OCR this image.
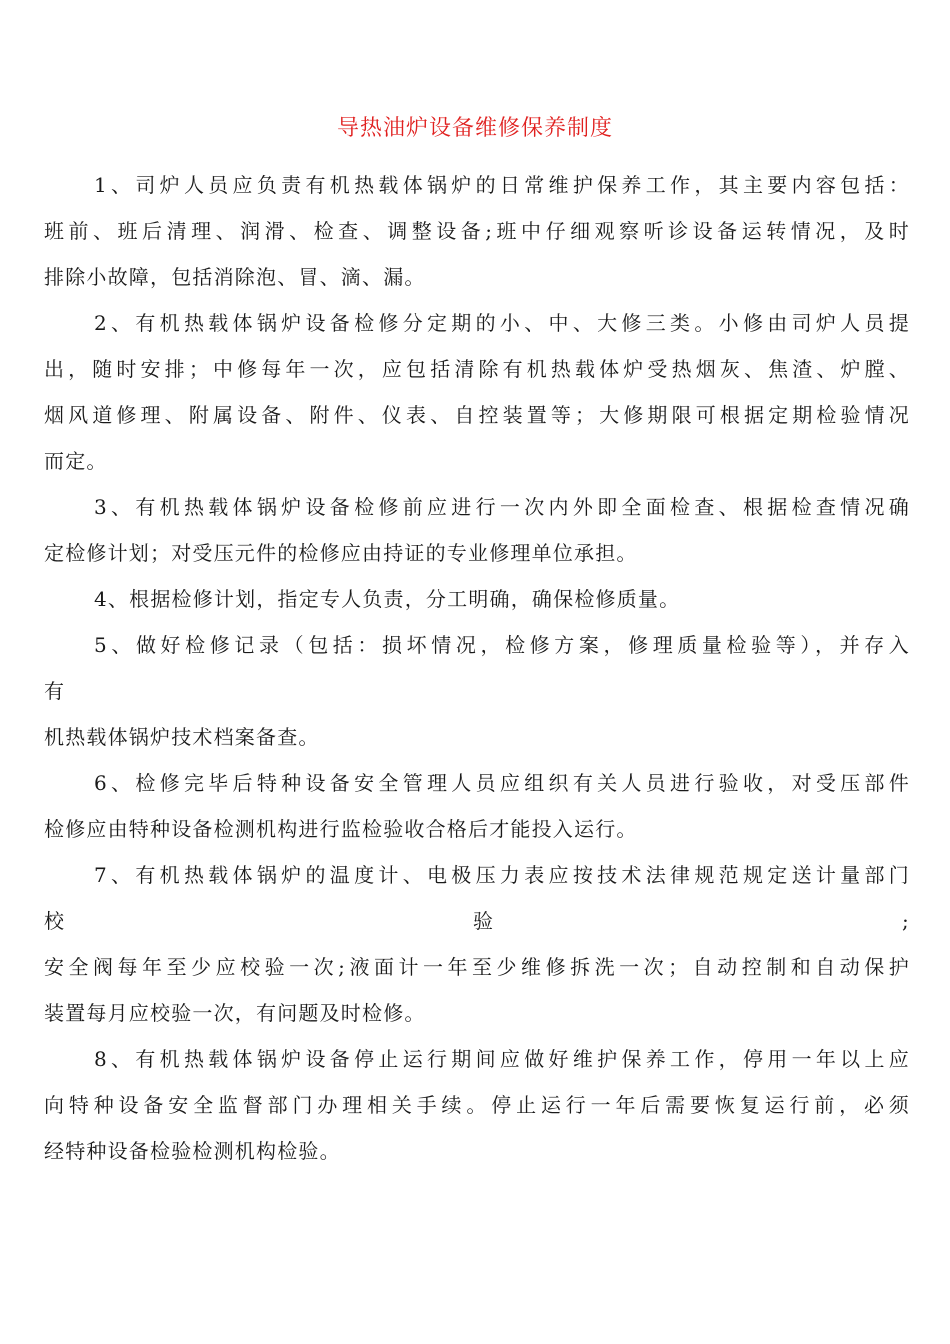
导热油炉设备维修保养制度
1、司炉人员应负责有机热载体锅炉的日常维护保养工作，其主要内容包括：
班前、班后清理、润滑、检查、调整设备;班中仔细观察听诊设备运转情况，及时
排除小故障，包括消除泡、冒、滴、漏。
2、有机热载体锅炉设备检修分定期的小、中、大修三类。小修由司炉人员提
出，随时安排；中修每年一次，应包括清除有机热载体炉受热烟灰、焦渣、炉膛、
烟风道修理、附属设备、附件、仪表、自控装置等；大修期限可根据定期检验情况
而定。
3、有机热载体锅炉设备检修前应进行一次内外即全面检查、根据检查情况确
定检修计划；对受压元件的检修应由持证的专业修理单位承担。
4、根据检修计划，指定专人负责，分工明确，确保检修质量。
5、做好检修记录（包括：损坏情况，检修方案，修理质量检验等），并存入
有
机热载体锅炉技术档案备查。
6、检修完毕后特种设备安全管理人员应组织有关人员进行验收，对受压部件
检修应由特种设备检测机构进行监检验收合格后才能投入运行。
7、有机热载体锅炉的温度计、电极压力表应按技术法律规范规定送计量部门
校	验	;
安全阀每年至少应校验一次;液面计一年至少维修拆洗一次；自动控制和自动保护
装置每月应校验一次，有问题及时检修。
8、有机热载体锅炉设备停止运行期间应做好维护保养工作，停用一年以上应
向特种设备安全监督部门办理相关手续。停止运行一年后需要恢复运行前，必须
经特种设备检验检测机构检验。
